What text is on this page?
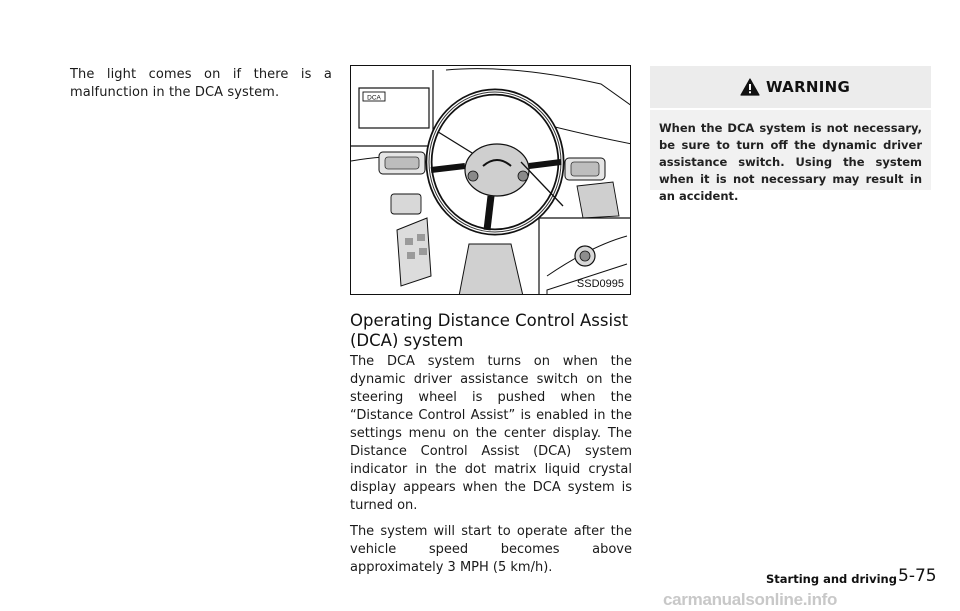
The light comes on if there is a malfunction in the DCA system.	DCA
SSD0995
Operating Distance Control Assist (DCA) system

The DCA system turns on when the dynamic driver assistance switch on the steering wheel is pushed when the “Distance Control Assist” is enabled in the settings menu on the center display. The Distance Control Assist (DCA) system indicator in the dot matrix liquid crystal display appears when the DCA system is turned on.

The system will start to operate after the vehicle speed becomes above approximately 3 MPH (5 km/h).

WARNING

When the DCA system is not necessary, be sure to turn off the dynamic driver assistance switch. Using the system when it is not necessary may result in an accident.

Starting and driving 5-75
carmanualsonline.info
